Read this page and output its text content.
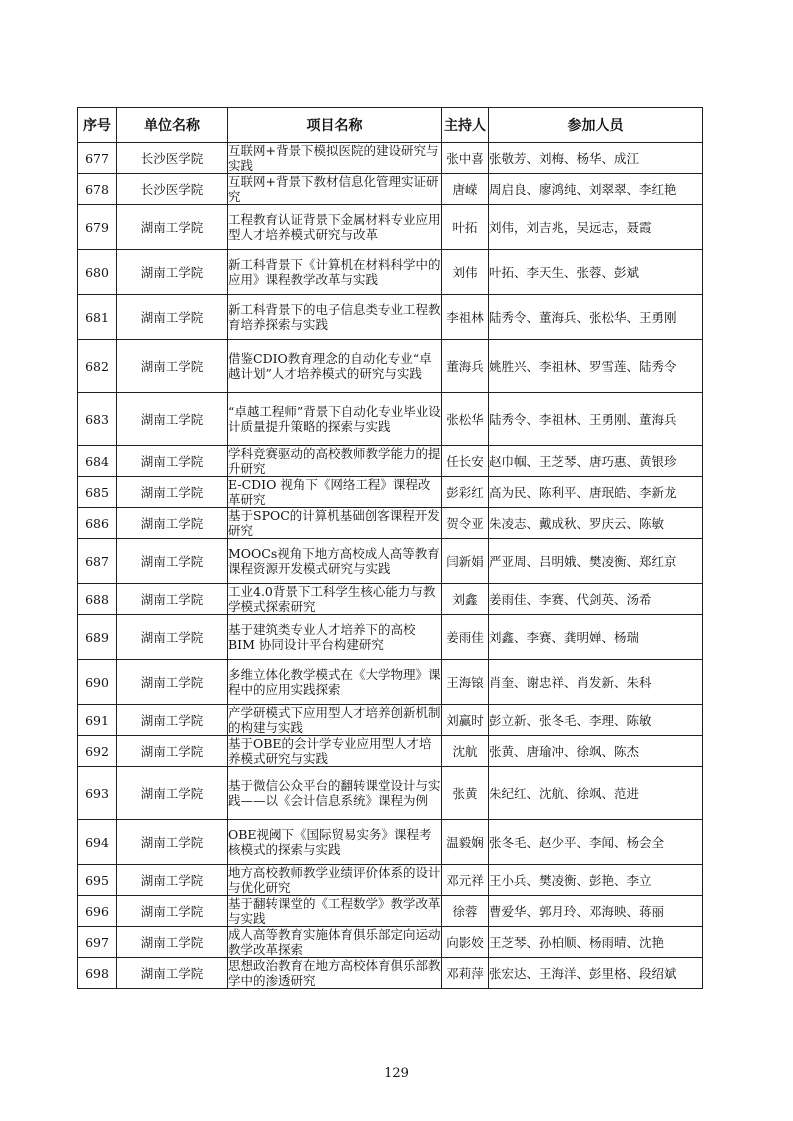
序号	单位名称	项目名称	主持人	参加人员
677	长沙医学院	互联网+背景下模拟医院的建设研究与实践	张中喜	张敬芳、刘梅、杨华、成江
678	长沙医学院	互联网+背景下教材信息化管理实证研究	唐嵘	周启良、廖鸿纯、刘翠翠、李红艳
679	湖南工学院	工程教育认证背景下金属材料专业应用型人才培养模式研究与改革	叶拓	刘伟，刘吉兆，吴远志，聂霞
680	湖南工学院	新工科背景下《计算机在材料科学中的应用》课程教学改革与实践	刘伟	叶拓、李天生、张蓉、彭斌
681	湖南工学院	新工科背景下的电子信息类专业工程教育培养探索与实践	李祖林	陆秀令、董海兵、张松华、王勇刚
682	湖南工学院	借鉴CDIO教育理念的自动化专业“卓越计划”人才培养模式的研究与实践	董海兵	姚胜兴、李祖林、罗雪莲、陆秀令
683	湖南工学院	“卓越工程师”背景下自动化专业毕业设计质量提升策略的探索与实践	张松华	陆秀令、李祖林、王勇刚、董海兵
684	湖南工学院	学科竞赛驱动的高校教师教学能力的提升研究	任长安	赵巾帼、王芝琴、唐巧惠、黄银珍
685	湖南工学院	E-CDIO 视角下《网络工程》课程改革研究	彭彩红	高为民、陈利平、唐珉皓、李新龙
686	湖南工学院	基于SPOC的计算机基础创客课程开发研究	贺令亚	朱凌志、戴成秋、罗庆云、陈敏
687	湖南工学院	MOOCs视角下地方高校成人高等教育课程资源开发模式研究与实践	闫新娟	严亚周、吕明娥、樊凌衡、郑红京
688	湖南工学院	工业4.0背景下工科学生核心能力与教学模式探索研究	刘鑫	姜雨佳、李赛、代剑英、汤希
689	湖南工学院	基于建筑类专业人才培养下的高校BIM 协同设计平台构建研究	姜雨佳	刘鑫、李赛、龚明婵、杨瑞
690	湖南工学院	多维立体化教学模式在《大学物理》课程中的应用实践探索	王海锿	肖奎、谢忠祥、肖发新、朱科
691	湖南工学院	产学研模式下应用型人才培养创新机制的构建与实践	刘赢时	彭立新、张冬毛、李理、陈敏
692	湖南工学院	基于OBE的会计学专业应用型人才培养模式研究与实践	沈航	张黄、唐瑜冲、徐飒、陈杰
693	湖南工学院	基于微信公众平台的翻转课堂设计与实践——以《会计信息系统》课程为例	张黄	朱纪红、沈航、徐飒、范进
694	湖南工学院	OBE视阈下《国际贸易实务》课程考核模式的探索与实践	温毅娴	张冬毛、赵少平、李闻、杨会全
695	湖南工学院	地方高校教师教学业绩评价体系的设计与优化研究	邓元祥	王小兵、樊凌衡、彭艳、李立
696	湖南工学院	基于翻转课堂的《工程数学》教学改革与实践	徐蓉	曹爱华、郭月玲、邓海映、蒋丽
697	湖南工学院	成人高等教育实施体育俱乐部定向运动教学改革探索	向影姣	王芝琴、孙柏顺、杨雨晴、沈艳
698	湖南工学院	思想政治教育在地方高校体育俱乐部教学中的渗透研究	邓莉萍	张宏达、王海洋、彭里格、段绍斌
129
